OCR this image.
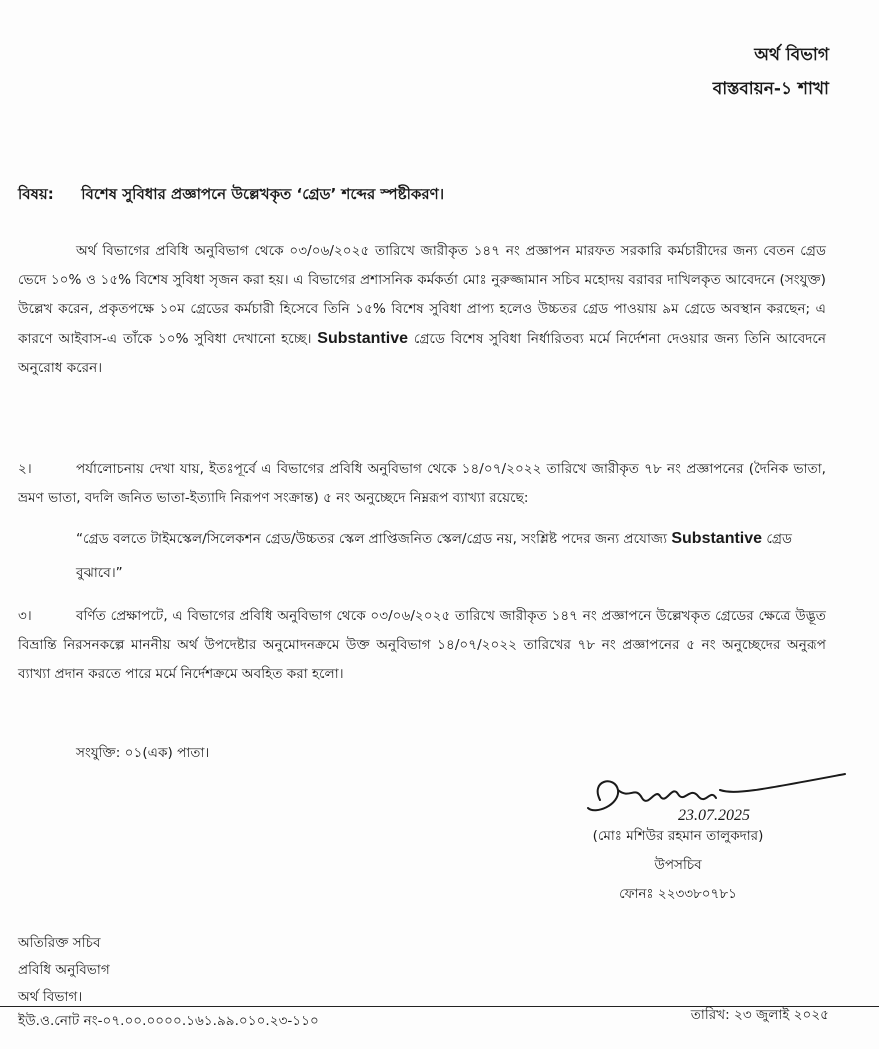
অর্থ বিভাগ
বাস্তবায়ন-১ শাখা
বিষয়: বিশেষ সুবিধার প্রজ্ঞাপনে উল্লেখকৃত ‘গ্রেড’ শব্দের স্পষ্টীকরণ।
অর্থ বিভাগের প্রবিধি অনুবিভাগ থেকে ০৩/০৬/২০২৫ তারিখে জারীকৃত ১৪৭ নং প্রজ্ঞাপন মারফত সরকারি কর্মচারীদের জন্য বেতন গ্রেড ভেদে ১০% ও ১৫% বিশেষ সুবিধা সৃজন করা হয়। এ বিভাগের প্রশাসনিক কর্মকর্তা মোঃ নুরুজ্জামান সচিব মহোদয় বরাবর দাখিলকৃত আবেদনে (সংযুক্ত) উল্লেখ করেন, প্রকৃতপক্ষে ১০ম গ্রেডের কর্মচারী হিসেবে তিনি ১৫% বিশেষ সুবিধা প্রাপ্য হলেও উচ্চতর গ্রেড পাওয়ায় ৯ম গ্রেডে অবস্থান করছেন; এ কারণে আইবাস-এ তাঁকে ১০% সুবিধা দেখানো হচ্ছে। Substantive গ্রেডে বিশেষ সুবিধা নির্ধারিতব্য মর্মে নির্দেশনা দেওয়ার জন্য তিনি আবেদনে অনুরোধ করেন।
২।	পর্যালোচনায় দেখা যায়, ইতঃপূর্বে এ বিভাগের প্রবিধি অনুবিভাগ থেকে ১৪/০৭/২০২২ তারিখে জারীকৃত ৭৮ নং প্রজ্ঞাপনের (দৈনিক ভাতা, ভ্রমণ ভাতা, বদলি জনিত ভাতা-ইত্যাদি নিরূপণ সংক্রান্ত) ৫ নং অনুচ্ছেদে নিম্নরূপ ব্যাখ্যা রয়েছে:
“গ্রেড বলতে টাইমস্কেল/সিলেকশন গ্রেড/উচ্চতর স্কেল প্রাপ্তিজনিত স্কেল/গ্রেড নয়, সংশ্লিষ্ট পদের জন্য প্রযোজ্য Substantive গ্রেড বুঝাবে।”
৩।	বর্ণিত প্রেক্ষাপটে, এ বিভাগের প্রবিধি অনুবিভাগ থেকে ০৩/০৬/২০২৫ তারিখে জারীকৃত ১৪৭ নং প্রজ্ঞাপনে উল্লেখকৃত গ্রেডের ক্ষেত্রে উদ্ভূত বিভ্রান্তি নিরসনকল্পে মাননীয় অর্থ উপদেষ্টার অনুমোদনক্রমে উক্ত অনুবিভাগ ১৪/০৭/২০২২ তারিখের ৭৮ নং প্রজ্ঞাপনের ৫ নং অনুচ্ছেদের অনুরূপ ব্যাখ্যা প্রদান করতে পারে মর্মে নির্দেশক্রমে অবহিত করা হলো।
সংযুক্তি: ০১(এক) পাতা।
23.07.2025
(মোঃ মশিউর রহমান তালুকদার)
উপসচিব
ফোনঃ ২২৩৩৮০৭৮১
অতিরিক্ত সচিব
প্রবিধি অনুবিভাগ
অর্থ বিভাগ।
ইউ.ও.নোট নং-০৭.০০.০০০০.১৬১.৯৯.০১০.২৩-১১০	তারিখ: ২৩ জুলাই ২০২৫
